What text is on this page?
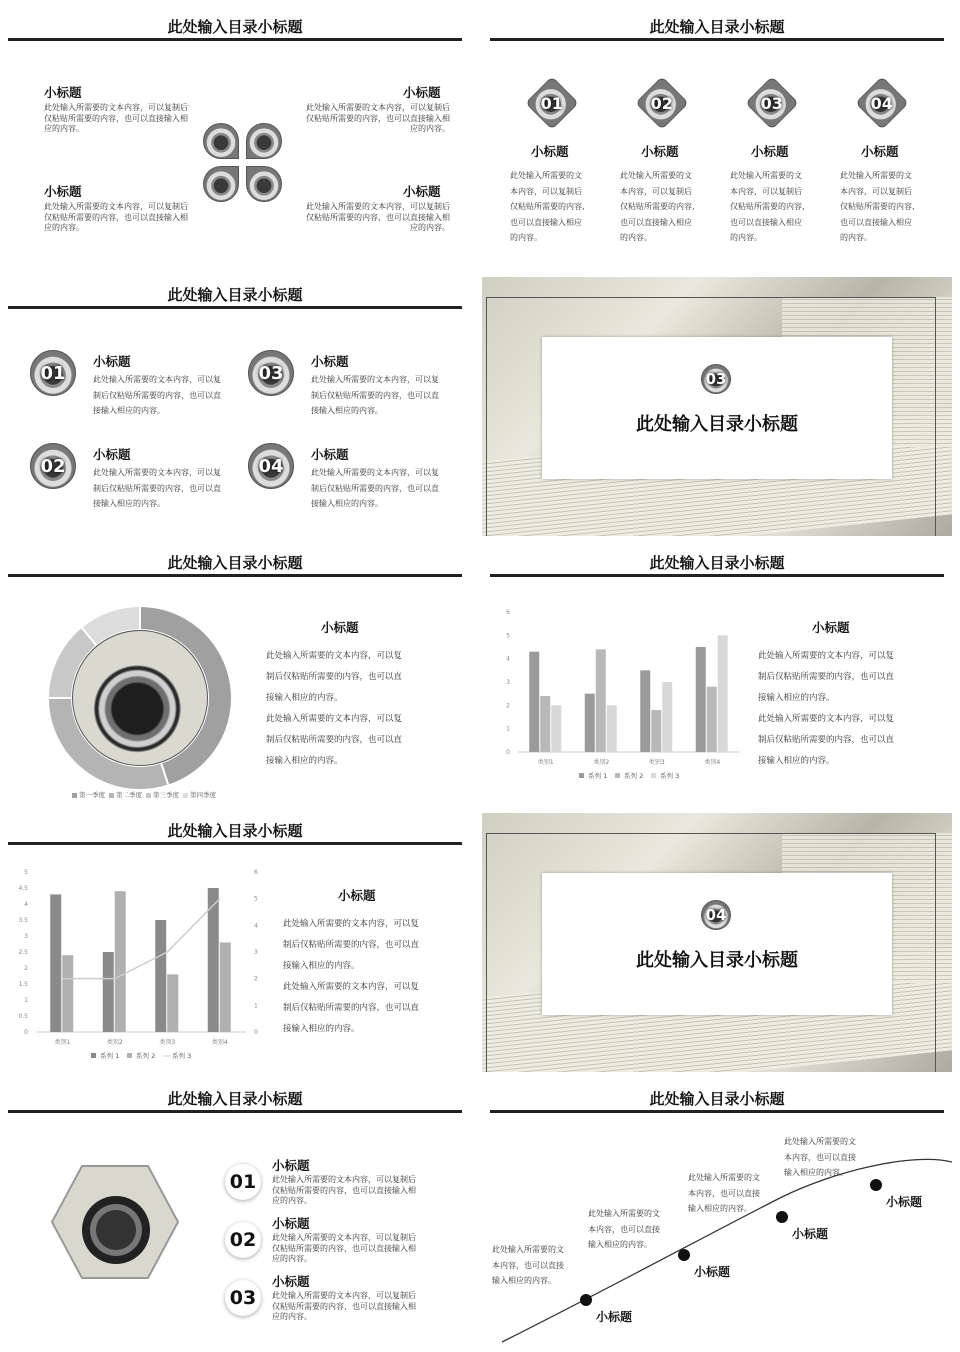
此处输入目录小标题
小标题
此处输入所需要的文本内容，可以复制后仅粘贴所需要的内容，也可以直接输入相应的内容。
小标题
此处输入所需要的文本内容，可以复制后仅粘贴所需要的内容，也可以直接输入相应的内容。
小标题
此处输入所需要的文本内容，可以复制后仅粘贴所需要的内容，也可以直接输入相应的内容。
小标题
此处输入所需要的文本内容，可以复制后仅粘贴所需要的内容，也可以直接输入相应的内容。
此处输入目录小标题
01
小标题
此处输入所需要的文
本内容，可以复制后
仅粘贴所需要的内容,
也可以直接输入相应
的内容。
02
小标题
此处输入所需要的文
本内容，可以复制后
仅粘贴所需要的内容,
也可以直接输入相应
的内容。
03
小标题
此处输入所需要的文
本内容，可以复制后
仅粘贴所需要的内容,
也可以直接输入相应
的内容。
04
小标题
此处输入所需要的文
本内容，可以复制后
仅粘贴所需要的内容,
也可以直接输入相应
的内容。
此处输入目录小标题
01
小标题
此处输入所需要的文本内容，可以复
制后仅粘贴所需要的内容，也可以直
接输入相应的内容。
03
小标题
此处输入所需要的文本内容，可以复
制后仅粘贴所需要的内容，也可以直
接输入相应的内容。
02
小标题
此处输入所需要的文本内容，可以复
制后仅粘贴所需要的内容，也可以直
接输入相应的内容。
04
小标题
此处输入所需要的文本内容，可以复
制后仅粘贴所需要的内容，也可以直
接输入相应的内容。
03
此处输入目录小标题
此处输入目录小标题
第一季度 第二季度 第三季度 第四季度
小标题
此处输入所需要的文本内容，可以复
制后仅粘贴所需要的内容，也可以直
接输入相应的内容。
此处输入所需要的文本内容，可以复
制后仅粘贴所需要的内容，也可以直
接输入相应的内容。
此处输入目录小标题
0
1
2
3
4
5
6
类别1	类别2	类别3	类别4
系列 1	系列 2	系列 3
小标题
此处输入所需要的文本内容，可以复
制后仅粘贴所需要的内容，也可以直
接输入相应的内容。
此处输入所需要的文本内容，可以复
制后仅粘贴所需要的内容，也可以直
接输入相应的内容。
此处输入目录小标题
0
0.5
1
1.5
2
2.5
3
3.5
4
4.5
5
0
1
2
3
4
5
6
类别1	类别2	类别3	类别4
系列 1	系列 2	系列 3
小标题
此处输入所需要的文本内容，可以复
制后仅粘贴所需要的内容，也可以直
接输入相应的内容。
此处输入所需要的文本内容，可以复
制后仅粘贴所需要的内容，也可以直
接输入相应的内容。
04
此处输入目录小标题
此处输入目录小标题
01
小标题
此处输入所需要的文本内容，可以复制后仅粘贴所需要的内容，也可以直接输入相应的内容。
02
小标题
此处输入所需要的文本内容，可以复制后仅粘贴所需要的内容，也可以直接输入相应的内容。
03
小标题
此处输入所需要的文本内容，可以复制后仅粘贴所需要的内容，也可以直接输入相应的内容。
此处输入目录小标题
小标题
此处输入所需要的文
本内容，也可以直接
输入相应的内容。
小标题
此处输入所需要的文
本内容，也可以直接
输入相应的内容。
小标题
此处输入所需要的文
本内容，也可以直接
输入相应的内容。	小标题
此处输入所需要的文
本内容，也可以直接
输入相应的内容。
